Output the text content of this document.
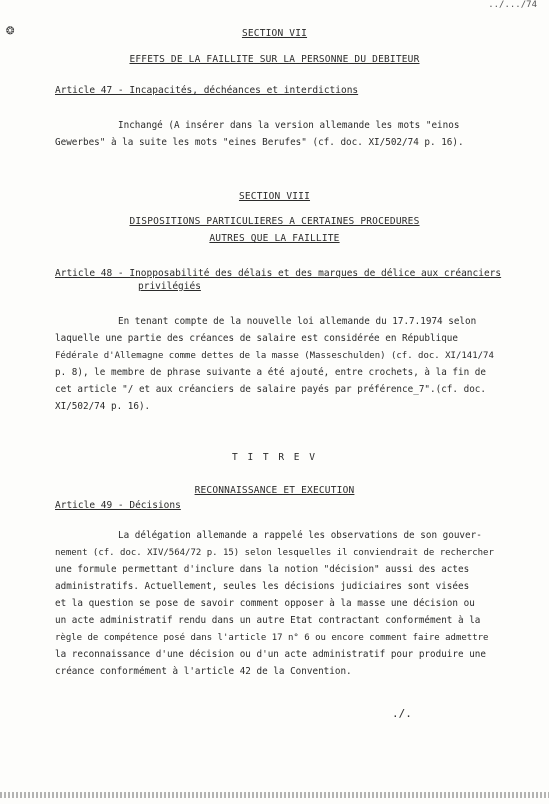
../.../74
❂	SECTION VII
EFFETS DE LA FAILLITE SUR LA PERSONNE DU DEBITEUR
Article 47 - Incapacités, déchéances et interdictions
Inchangé (A insérer dans la version allemande les mots "einos
Gewerbes" à la suite les mots "eines Berufes" (cf. doc. XI/502/74 p. 16).
SECTION VIII
DISPOSITIONS PARTICULIERES A CERTAINES PROCEDURES
AUTRES QUE LA FAILLITE
Article 48 - Inopposabilité des délais et des marques de délice aux créanciers
privilégiés
En tenant compte de la nouvelle loi allemande du 17.7.1974 selon
laquelle une partie des créances de salaire est considérée en République
Fédérale d'Allemagne comme dettes de la masse (Masseschulden) (cf. doc. XI/141/74
p. 8), le membre de phrase suivante a été ajouté, entre crochets, à la fin de
cet article "/ et aux créanciers de salaire payés par préférence_7".(cf. doc.
XI/502/74 p. 16).
T I T R E V
RECONNAISSANCE ET EXECUTION
Article 49 - Décisions
La délégation allemande a rappelé les observations de son gouver-
nement (cf. doc. XIV/564/72 p. 15) selon lesquelles il conviendrait de rechercher
une formule permettant d'inclure dans la notion "décision" aussi des actes
administratifs. Actuellement, seules les décisions judiciaires sont visées
et la question se pose de savoir comment opposer à la masse une décision ou
un acte administratif rendu dans un autre Etat contractant conformément à la
règle de compétence posé dans l'article 17 n° 6 ou encore comment faire admettre
la reconnaissance d'une décision ou d'un acte administratif pour produire une
créance conformément à l'article 42 de la Convention.
./.
